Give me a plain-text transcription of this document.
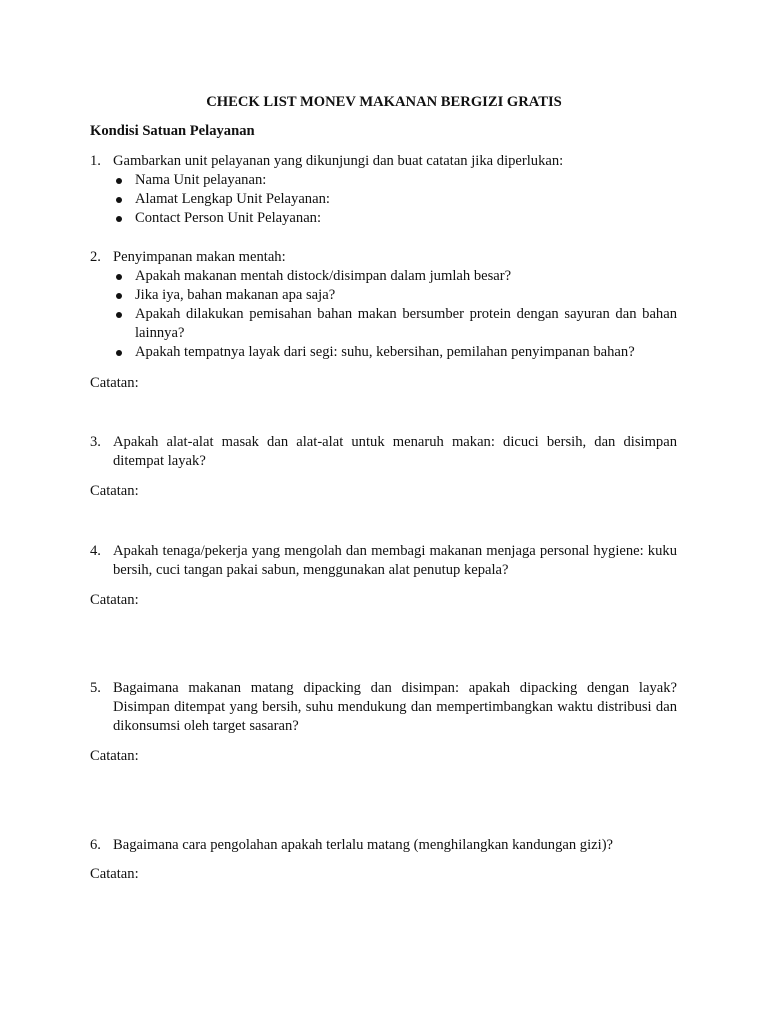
CHECK LIST MONEV MAKANAN BERGIZI GRATIS
Kondisi Satuan Pelayanan
1. Gambarkan unit pelayanan yang dikunjungi dan buat catatan jika diperlukan:
Nama Unit pelayanan:
Alamat Lengkap Unit Pelayanan:
Contact Person Unit Pelayanan:
2. Penyimpanan makan mentah:
Apakah makanan mentah distock/disimpan dalam jumlah besar?
Jika iya, bahan makanan apa saja?
Apakah dilakukan pemisahan bahan makan bersumber protein dengan sayuran dan bahan lainnya?
Apakah tempatnya layak dari segi: suhu, kebersihan, pemilahan penyimpanan bahan?
Catatan:
3. Apakah alat-alat masak dan alat-alat untuk menaruh makan: dicuci bersih, dan disimpan ditempat layak?
Catatan:
4. Apakah tenaga/pekerja yang mengolah dan membagi makanan menjaga personal hygiene: kuku bersih, cuci tangan pakai sabun, menggunakan alat penutup kepala?
Catatan:
5. Bagaimana makanan matang dipacking dan disimpan: apakah dipacking dengan layak? Disimpan ditempat yang bersih, suhu mendukung dan mempertimbangkan waktu distribusi dan dikonsumsi oleh target sasaran?
Catatan:
6. Bagaimana cara pengolahan apakah terlalu matang (menghilangkan kandungan gizi)?
Catatan:
